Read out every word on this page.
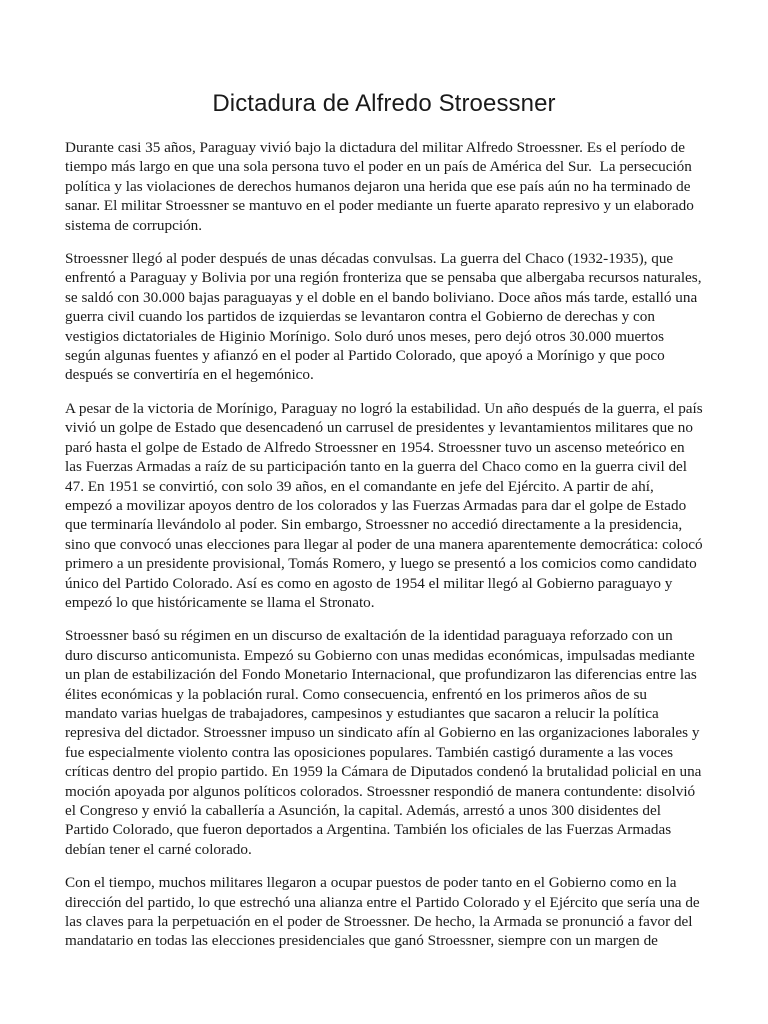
Dictadura de Alfredo Stroessner

Durante casi 35 años, Paraguay vivió bajo la dictadura del militar Alfredo Stroessner. Es el período de tiempo más largo en que una sola persona tuvo el poder en un país de América del Sur.  La persecución política y las violaciones de derechos humanos dejaron una herida que ese país aún no ha terminado de sanar. El militar Stroessner se mantuvo en el poder mediante un fuerte aparato represivo y un elaborado sistema de corrupción.

Stroessner llegó al poder después de unas décadas convulsas. La guerra del Chaco (1932-1935), que enfrentó a Paraguay y Bolivia por una región fronteriza que se pensaba que albergaba recursos naturales, se saldó con 30.000 bajas paraguayas y el doble en el bando boliviano. Doce años más tarde, estalló una guerra civil cuando los partidos de izquierdas se levantaron contra el Gobierno de derechas y con vestigios dictatoriales de Higinio Morínigo. Solo duró unos meses, pero dejó otros 30.000 muertos según algunas fuentes y afianzó en el poder al Partido Colorado, que apoyó a Morínigo y que poco después se convertiría en el hegemónico.

A pesar de la victoria de Morínigo, Paraguay no logró la estabilidad. Un año después de la guerra, el país vivió un golpe de Estado que desencadenó un carrusel de presidentes y levantamientos militares que no paró hasta el golpe de Estado de Alfredo Stroessner en 1954. Stroessner tuvo un ascenso meteórico en las Fuerzas Armadas a raíz de su participación tanto en la guerra del Chaco como en la guerra civil del 47. En 1951 se convirtió, con solo 39 años, en el comandante en jefe del Ejército. A partir de ahí, empezó a movilizar apoyos dentro de los colorados y las Fuerzas Armadas para dar el golpe de Estado que terminaría llevándolo al poder. Sin embargo, Stroessner no accedió directamente a la presidencia, sino que convocó unas elecciones para llegar al poder de una manera aparentemente democrática: colocó primero a un presidente provisional, Tomás Romero, y luego se presentó a los comicios como candidato único del Partido Colorado. Así es como en agosto de 1954 el militar llegó al Gobierno paraguayo y empezó lo que históricamente se llama el Stronato.

Stroessner basó su régimen en un discurso de exaltación de la identidad paraguaya reforzado con un duro discurso anticomunista. Empezó su Gobierno con unas medidas económicas, impulsadas mediante un plan de estabilización del Fondo Monetario Internacional, que profundizaron las diferencias entre las élites económicas y la población rural. Como consecuencia, enfrentó en los primeros años de su mandato varias huelgas de trabajadores, campesinos y estudiantes que sacaron a relucir la política represiva del dictador. Stroessner impuso un sindicato afín al Gobierno en las organizaciones laborales y fue especialmente violento contra las oposiciones populares. También castigó duramente a las voces críticas dentro del propio partido. En 1959 la Cámara de Diputados condenó la brutalidad policial en una moción apoyada por algunos políticos colorados. Stroessner respondió de manera contundente: disolvió el Congreso y envió la caballería a Asunción, la capital. Además, arrestó a unos 300 disidentes del Partido Colorado, que fueron deportados a Argentina. También los oficiales de las Fuerzas Armadas debían tener el carné colorado.

Con el tiempo, muchos militares llegaron a ocupar puestos de poder tanto en el Gobierno como en la dirección del partido, lo que estrechó una alianza entre el Partido Colorado y el Ejército que sería una de las claves para la perpetuación en el poder de Stroessner. De hecho, la Armada se pronunció a favor del mandatario en todas las elecciones presidenciales que ganó Stroessner, siempre con un margen de
